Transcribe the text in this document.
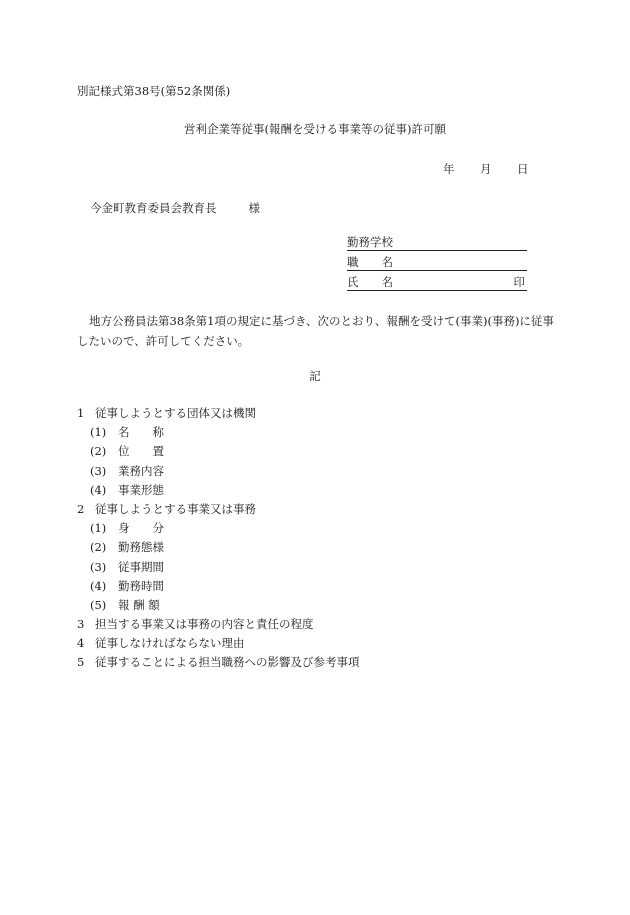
別記様式第38号(第52条関係)
営利企業等従事(報酬を受ける事業等の従事)許可願
年 月 日
今金町教育委員会教育長	様
勤務学校
職　　名
氏　　名	印
地方公務員法第38条第1項の規定に基づき、次のとおり、報酬を受けて(事業)(事務)に従事したいので、許可してください。
記
1 従事しようとする団体又は機関
(1) 名　　称
(2) 位　　置
(3) 業務内容
(4) 事業形態
2 従事しようとする事業又は事務
(1) 身　　分
(2) 勤務態様
(3) 従事期間
(4) 勤務時間
(5) 報 酬 額
3 担当する事業又は事務の内容と責任の程度
4 従事しなければならない理由
5 従事することによる担当職務への影響及び参考事項
